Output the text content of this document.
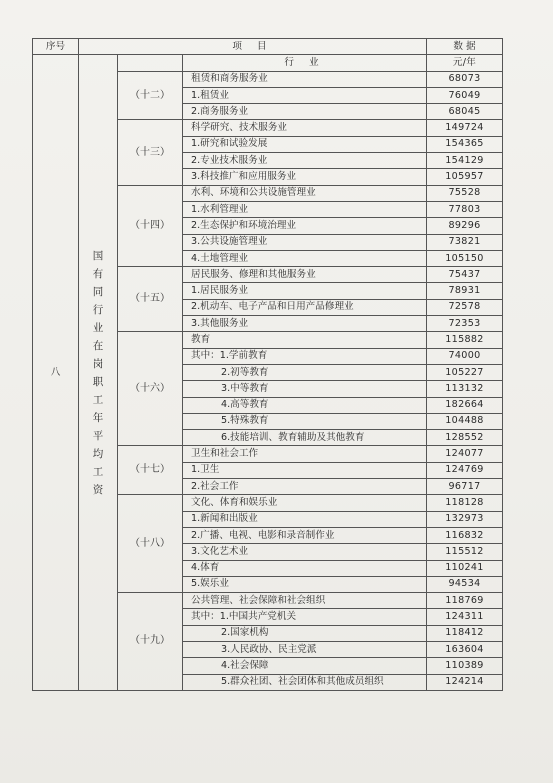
序号	项 目			数 据
八	国有同行业在岗职工年平均工资		行 业	元/年
		（十二）	租赁和商务服务业	68073
			1.租赁业	76049
			2.商务服务业	68045
		（十三）	科学研究、技术服务业	149724
			1.研究和试验发展	154365
			2.专业技术服务业	154129
			3.科技推广和应用服务业	105957
		（十四）	水利、环境和公共设施管理业	75528
			1.水利管理业	77803
			2.生态保护和环境治理业	89296
			3.公共设施管理业	73821
			4.土地管理业	105150
		（十五）	居民服务、修理和其他服务业	75437
			1.居民服务业	78931
			2.机动车、电子产品和日用产品修理业	72578
			3.其他服务业	72353
		（十六）	教育	115882
			其中：1.学前教育	74000
			2.初等教育	105227
			3.中等教育	113132
			4.高等教育	182664
			5.特殊教育	104488
			6.技能培训、教育辅助及其他教育	128552
		（十七）	卫生和社会工作	124077
			1.卫生	124769
			2.社会工作	96717
		（十八）	文化、体育和娱乐业	118128
			1.新闻和出版业	132973
			2.广播、电视、电影和录音制作业	116832
			3.文化艺术业	115512
			4.体育	110241
			5.娱乐业	94534
		（十九）	公共管理、社会保障和社会组织	118769
			其中：1.中国共产党机关	124311
			2.国家机构	118412
			3.人民政协、民主党派	163604
			4.社会保障	110389
			5.群众社团、社会团体和其他成员组织	124214
